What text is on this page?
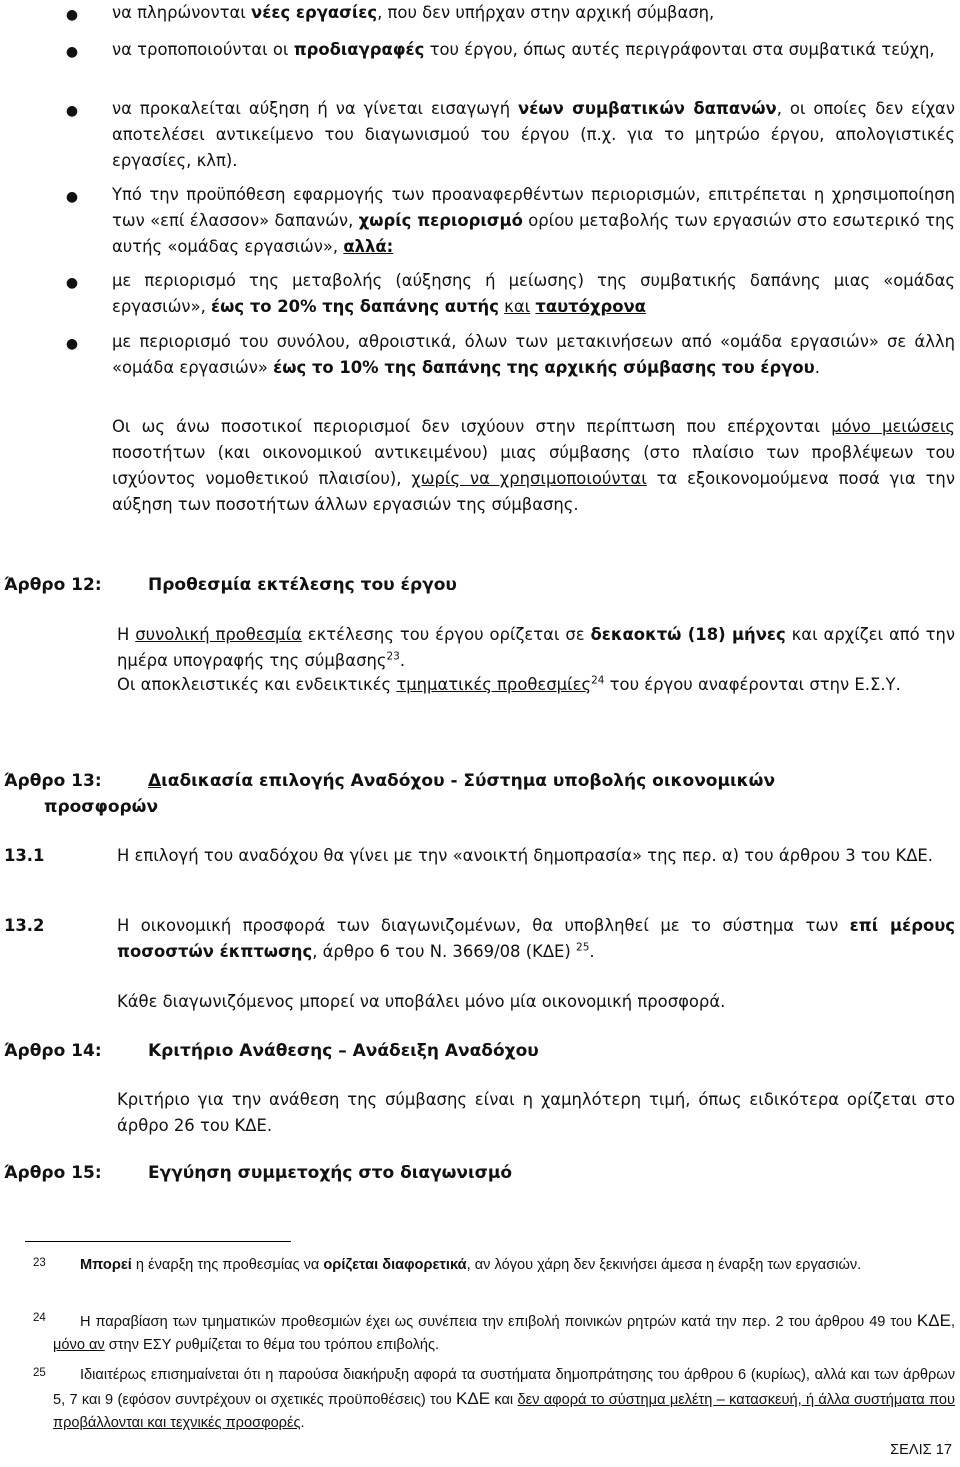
● να πληρώνονται νέες εργασίες, που δεν υπήρχαν στην αρχική σύμβαση,
● να τροποποιούνται οι προδιαγραφές του έργου, όπως αυτές περιγράφονται στα συμβατικά τεύχη,
● να προκαλείται αύξηση ή να γίνεται εισαγωγή νέων συμβατικών δαπανών, οι οποίες δεν είχαν αποτελέσει αντικείμενο του διαγωνισμού του έργου (π.χ. για το μητρώο έργου, απολογιστικές εργασίες, κλπ).
● Υπό την προϋπόθεση εφαρμογής των προαναφερθέντων περιορισμών, επιτρέπεται η χρησιμοποίηση των «επί έλασσον» δαπανών, χωρίς περιορισμό ορίου μεταβολής των εργασιών στο εσωτερικό της αυτής «ομάδας εργασιών», αλλά:
● με περιορισμό της μεταβολής (αύξησης ή μείωσης) της συμβατικής δαπάνης μιας «ομάδας εργασιών», έως το 20% της δαπάνης αυτής και ταυτόχρονα
● με περιορισμό του συνόλου, αθροιστικά, όλων των μετακινήσεων από «ομάδα εργασιών» σε άλλη «ομάδα εργασιών» έως το 10% της δαπάνης της αρχικής σύμβασης του έργου.
Οι ως άνω ποσοτικοί περιορισμοί δεν ισχύουν στην περίπτωση που επέρχονται μόνο μειώσεις ποσοτήτων (και οικονομικού αντικειμένου) μιας σύμβασης (στο πλαίσιο των προβλέψεων του ισχύοντος νομοθετικού πλαισίου), χωρίς να χρησιμοποιούνται τα εξοικονομούμενα ποσά για την αύξηση των ποσοτήτων άλλων εργασιών της σύμβασης.
Άρθρο 12:	Προθεσμία εκτέλεσης του έργου
Η συνολική προθεσμία εκτέλεσης του έργου ορίζεται σε δεκαοκτώ (18) μήνες και αρχίζει από την ημέρα υπογραφής της σύμβασης$^{23}$.
Οι αποκλειστικές και ενδεικτικές τμηματικές προθεσμίες$^{24}$ του έργου αναφέρονται στην Ε.Σ.Υ.
Άρθρο 13:	Διαδικασία επιλογής Αναδόχου - Σύστημα υποβολής οικονομικών
προσφορών
13.1	Η επιλογή του αναδόχου θα γίνει με την «ανοικτή δημοπρασία» της περ. α) του άρθρου 3 του ΚΔΕ.
13.2	Η οικονομική προσφορά των διαγωνιζομένων, θα υποβληθεί με το σύστημα των επί μέρους ποσοστών έκπτωσης, άρθρο 6 του Ν. 3669/08 (ΚΔΕ) $^{25}$.
Κάθε διαγωνιζόμενος μπορεί να υποβάλει μόνο μία οικονομική προσφορά.
Άρθρο 14:	Κριτήριο Ανάθεσης – Ανάδειξη Αναδόχου
Κριτήριο για την ανάθεση της σύμβασης είναι η χαμηλότερη τιμή, όπως ειδικότερα ορίζεται στο άρθρο 26 του ΚΔΕ.
Άρθρο 15:	Εγγύηση συμμετοχής στο διαγωνισμό
23	Μπορεί η έναρξη της προθεσμίας να ορίζεται διαφορετικά, αν λόγου χάρη δεν ξεκινήσει άμεσα η έναρξη των εργασιών.
24	Η παραβίαση των τμηματικών προθεσμιών έχει ως συνέπεια την επιβολή ποινικών ρητρών κατά την περ. 2 του άρθρου 49 του ΚΔΕ, μόνο αν στην ΕΣΥ ρυθμίζεται το θέμα του τρόπου επιβολής.
25	Ιδιαιτέρως επισημαίνεται ότι η παρούσα διακήρυξη αφορά τα συστήματα δημοπράτησης του άρθρου 6 (κυρίως), αλλά και των άρθρων 5, 7 και 9 (εφόσον συντρέχουν οι σχετικές προϋποθέσεις) του ΚΔΕ και δεν αφορά το σύστημα μελέτη – κατασκευή, ή άλλα συστήματα που προβάλλονται και τεχνικές προσφορές.
ΣΕΛΙΣ 17
